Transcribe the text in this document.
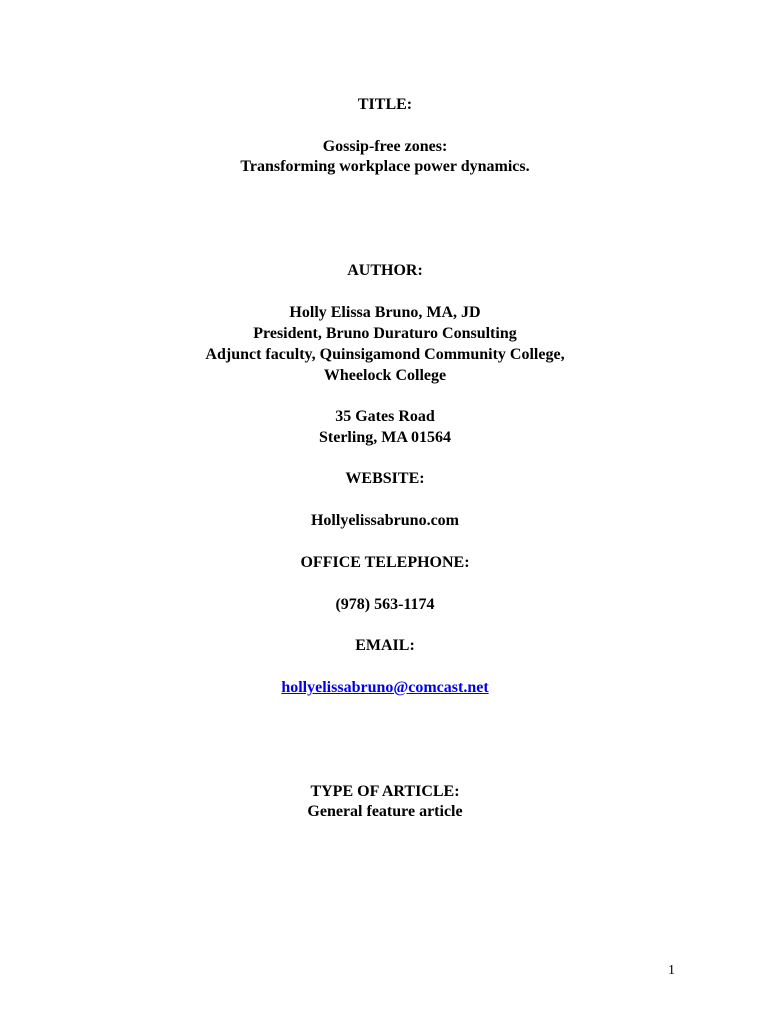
TITLE:
Gossip-free zones:
Transforming workplace power dynamics.
AUTHOR:
Holly Elissa Bruno, MA, JD
President, Bruno Duraturo Consulting
Adjunct faculty, Quinsigamond Community College,
Wheelock College
35 Gates Road
Sterling, MA 01564
WEBSITE:
Hollyelissabruno.com
OFFICE TELEPHONE:
(978) 563-1174
EMAIL:
hollyelissabruno@comcast.net
TYPE OF ARTICLE:
General feature article
1
